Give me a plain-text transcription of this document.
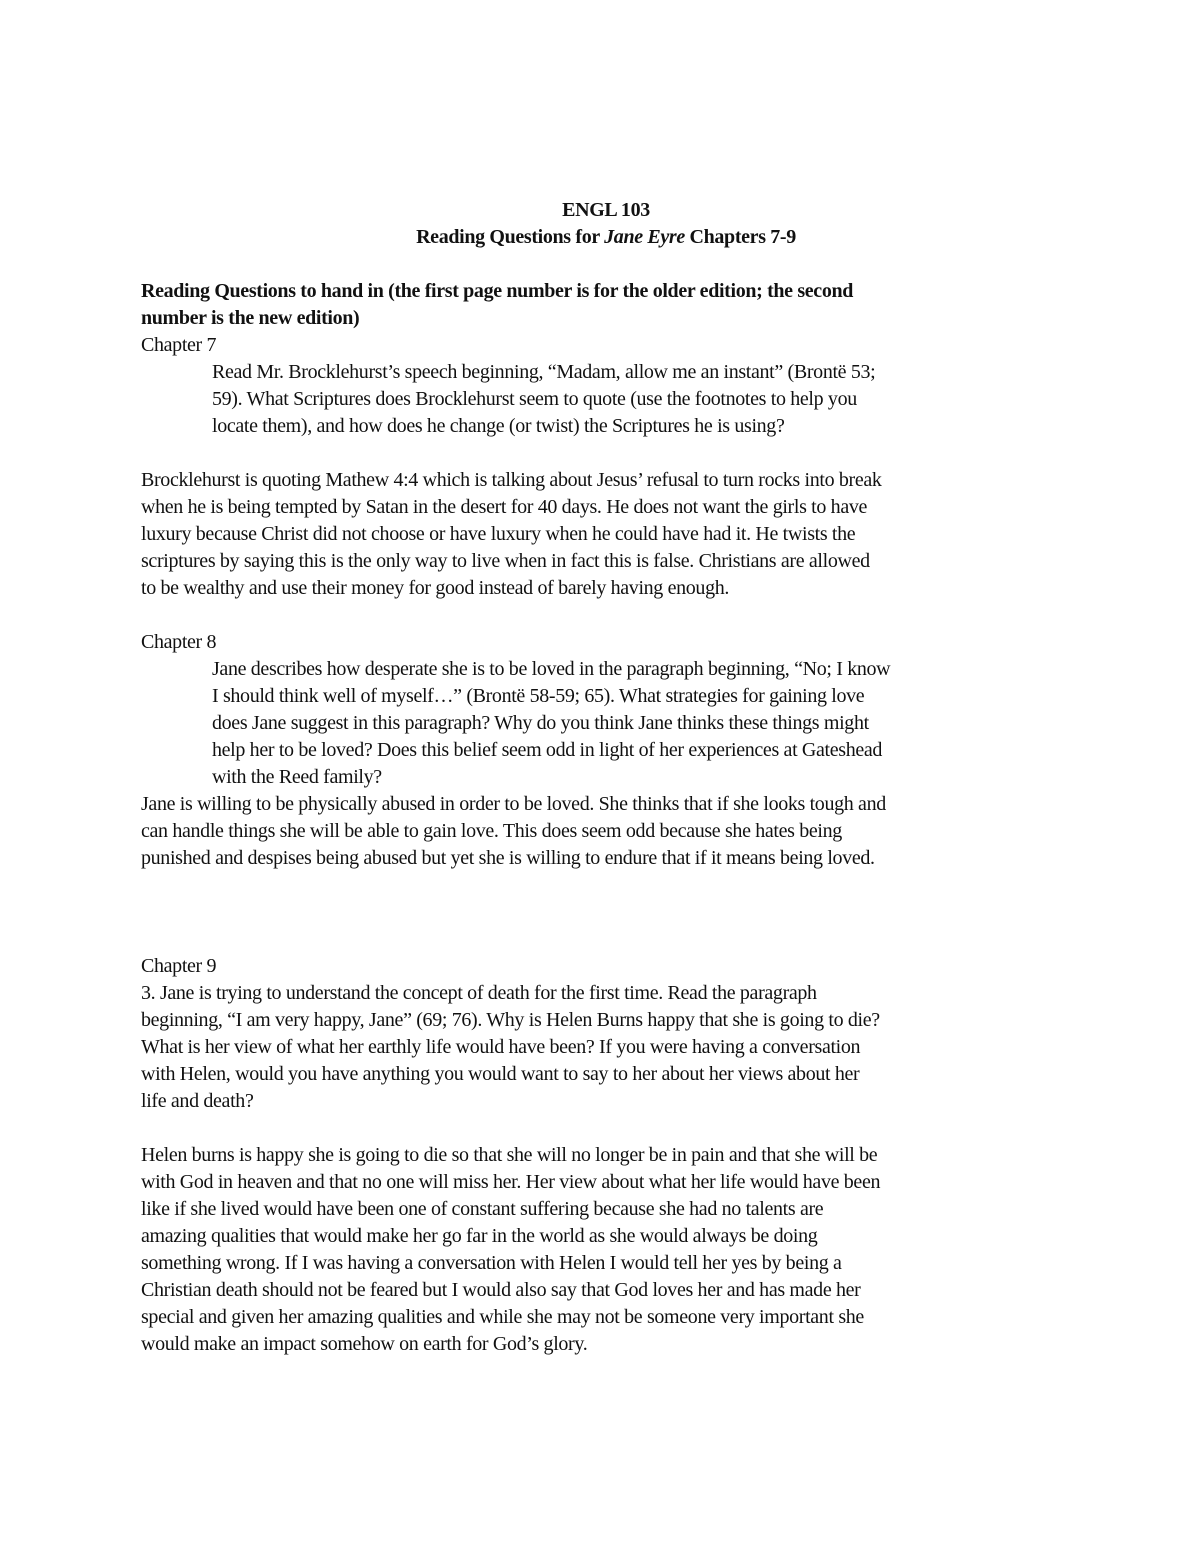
ENGL 103
Reading Questions for Jane Eyre Chapters 7-9
Reading Questions to hand in (the first page number is for the older edition; the second
number is the new edition)
Chapter 7
Read Mr. Brocklehurst’s speech beginning, “Madam, allow me an instant” (Brontë 53;
59). What Scriptures does Brocklehurst seem to quote (use the footnotes to help you
locate them), and how does he change (or twist) the Scriptures he is using?
Brocklehurst is quoting Mathew 4:4 which is talking about Jesus’ refusal to turn rocks into break
when he is being tempted by Satan in the desert for 40 days. He does not want the girls to have
luxury because Christ did not choose or have luxury when he could have had it. He twists the
scriptures by saying this is the only way to live when in fact this is false. Christians are allowed
to be wealthy and use their money for good instead of barely having enough.
Chapter 8
Jane describes how desperate she is to be loved in the paragraph beginning, “No; I know
I should think well of myself…” (Brontë 58-59; 65). What strategies for gaining love
does Jane suggest in this paragraph? Why do you think Jane thinks these things might
help her to be loved? Does this belief seem odd in light of her experiences at Gateshead
with the Reed family?
Jane is willing to be physically abused in order to be loved. She thinks that if she looks tough and
can handle things she will be able to gain love. This does seem odd because she hates being
punished and despises being abused but yet she is willing to endure that if it means being loved.
Chapter 9
3. Jane is trying to understand the concept of death for the first time. Read the paragraph
beginning, “I am very happy, Jane” (69; 76). Why is Helen Burns happy that she is going to die?
What is her view of what her earthly life would have been? If you were having a conversation
with Helen, would you have anything you would want to say to her about her views about her
life and death?
Helen burns is happy she is going to die so that she will no longer be in pain and that she will be
with God in heaven and that no one will miss her. Her view about what her life would have been
like if she lived would have been one of constant suffering because she had no talents are
amazing qualities that would make her go far in the world as she would always be doing
something wrong. If I was having a conversation with Helen I would tell her yes by being a
Christian death should not be feared but I would also say that God loves her and has made her
special and given her amazing qualities and while she may not be someone very important she
would make an impact somehow on earth for God’s glory.
